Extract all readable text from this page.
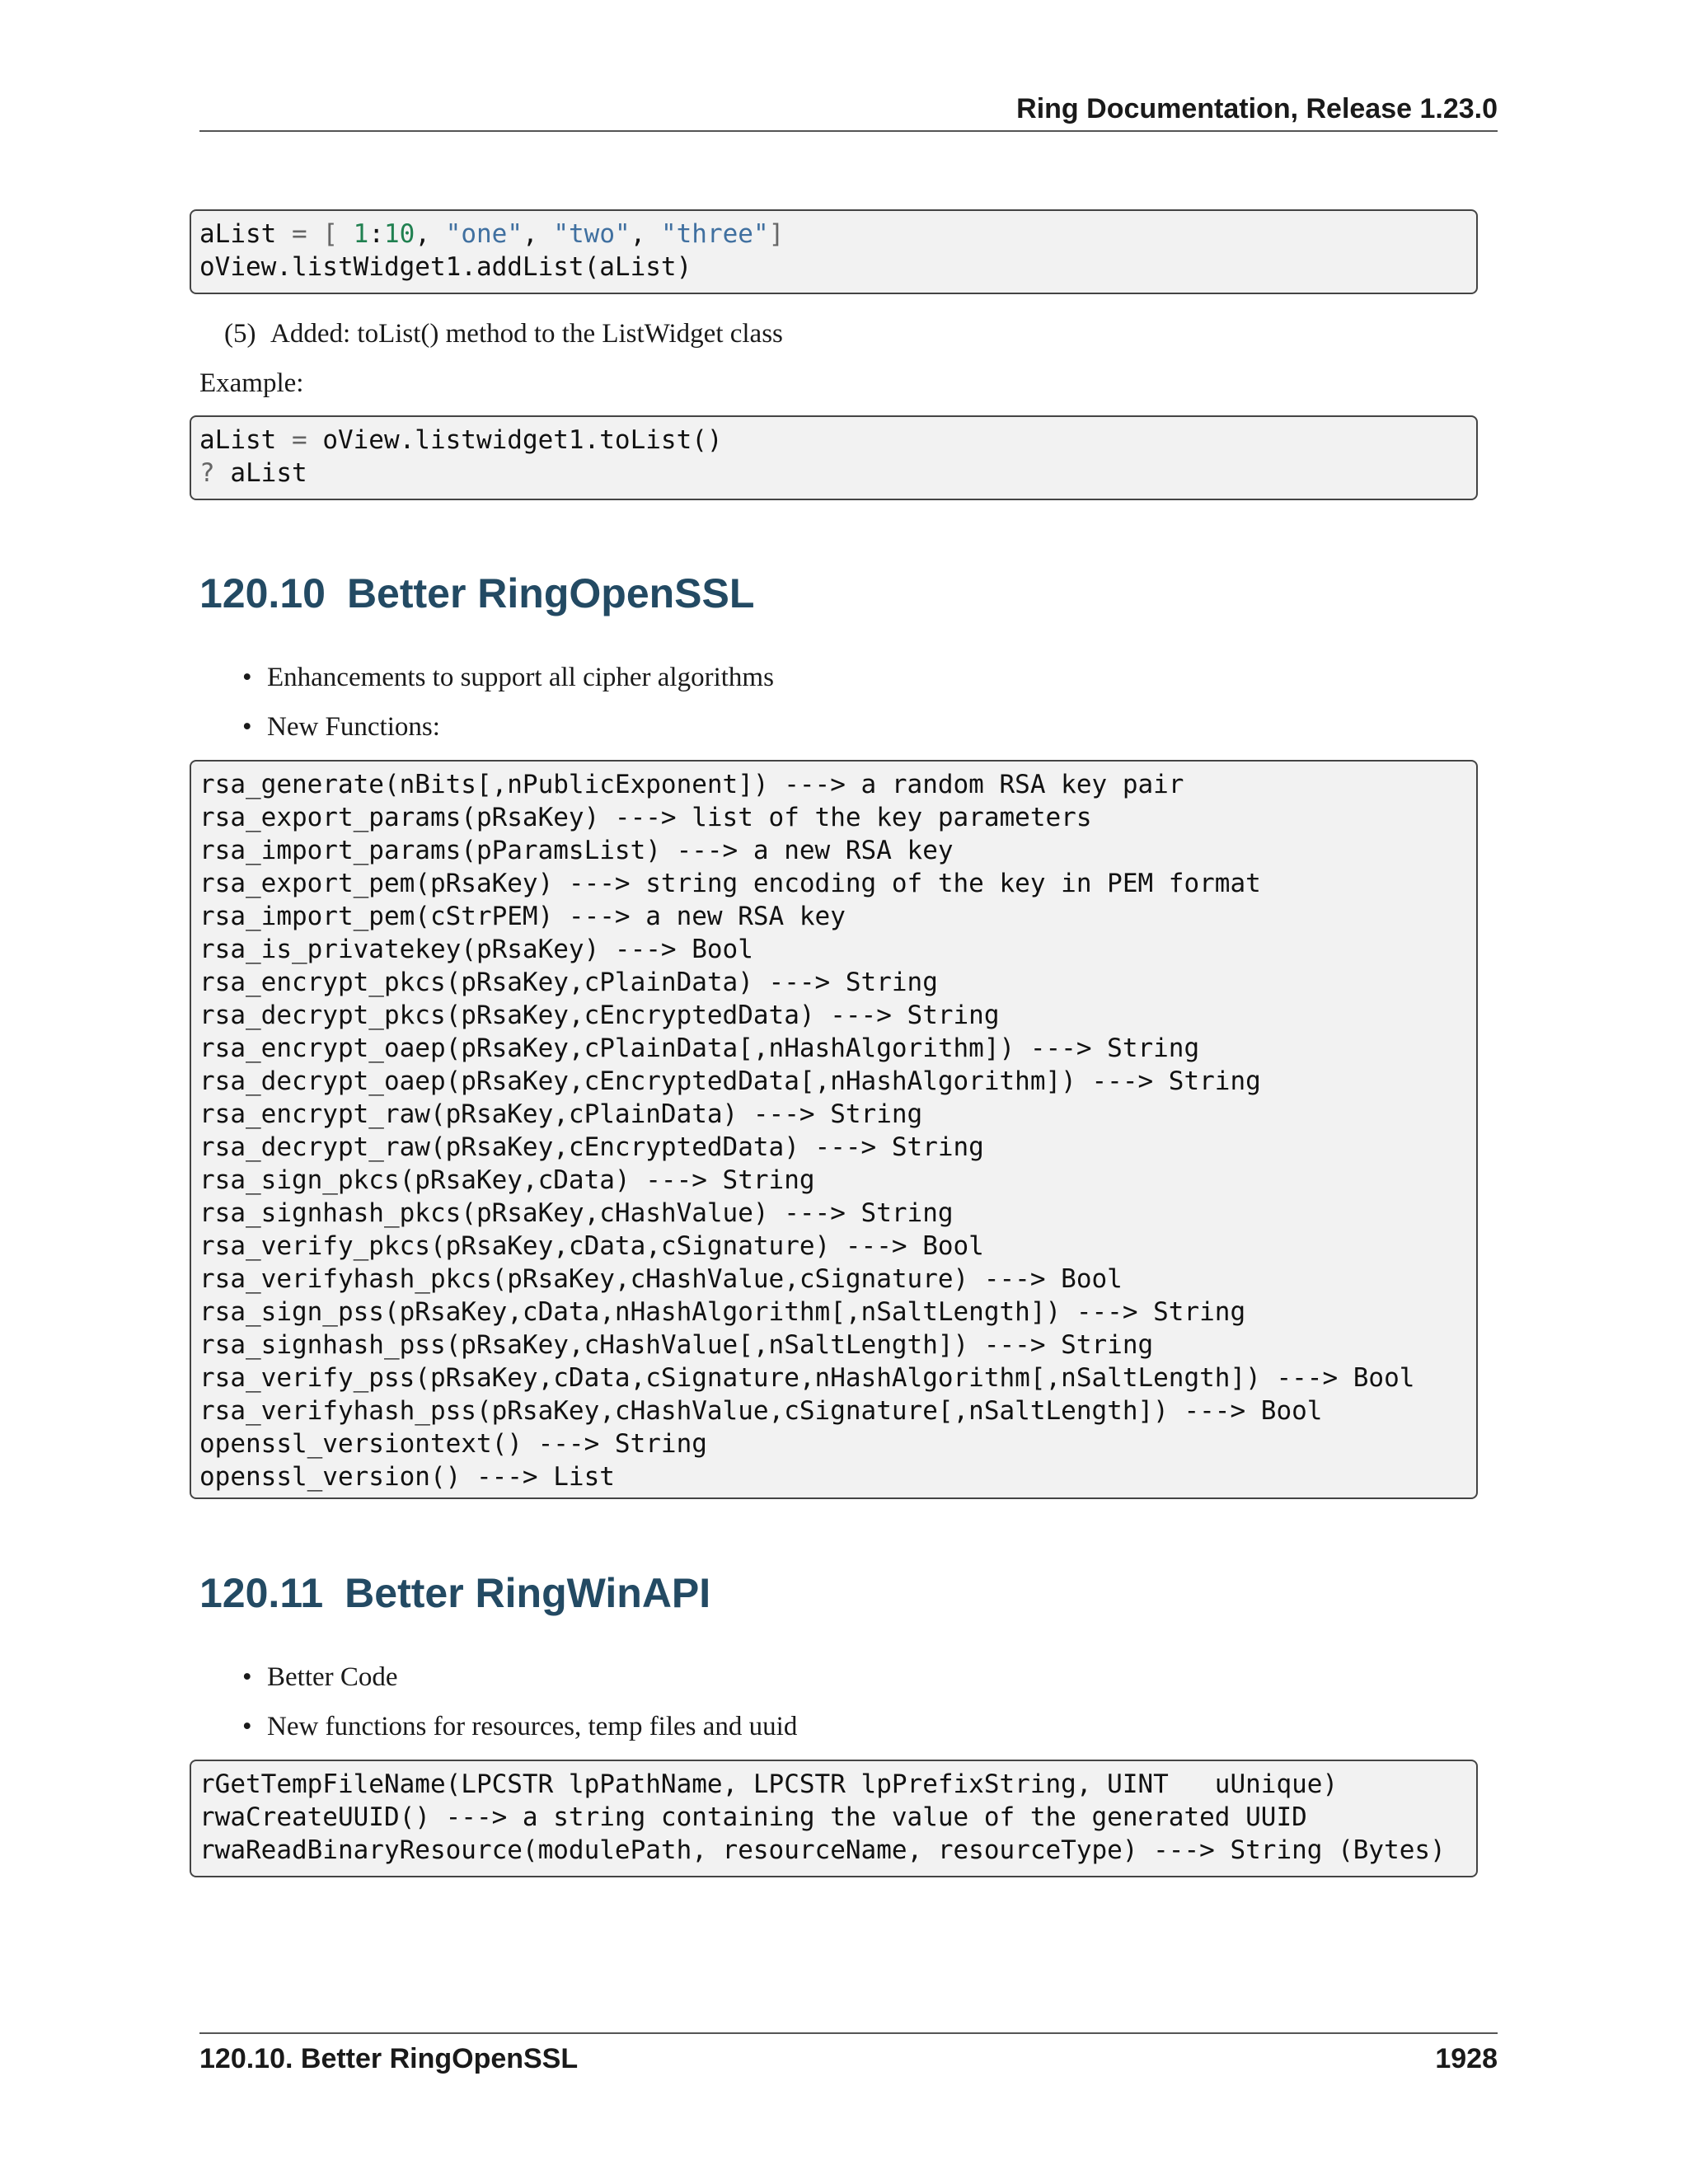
Ring Documentation, Release 1.23.0
aList = [ 1:10, "one", "two", "three"]
oView.listWidget1.addList(aList)
(5) Added: toList() method to the ListWidget class
Example:
aList = oView.listwidget1.toList()
? aList
120.10 Better RingOpenSSL
• Enhancements to support all cipher algorithms
• New Functions:
rsa_generate(nBits[,nPublicExponent]) ---> a random RSA key pair
rsa_export_params(pRsaKey) ---> list of the key parameters
rsa_import_params(pParamsList) ---> a new RSA key
rsa_export_pem(pRsaKey) ---> string encoding of the key in PEM format
rsa_import_pem(cStrPEM) ---> a new RSA key
rsa_is_privatekey(pRsaKey) ---> Bool
rsa_encrypt_pkcs(pRsaKey,cPlainData) ---> String
rsa_decrypt_pkcs(pRsaKey,cEncryptedData) ---> String
rsa_encrypt_oaep(pRsaKey,cPlainData[,nHashAlgorithm]) ---> String
rsa_decrypt_oaep(pRsaKey,cEncryptedData[,nHashAlgorithm]) ---> String
rsa_encrypt_raw(pRsaKey,cPlainData) ---> String
rsa_decrypt_raw(pRsaKey,cEncryptedData) ---> String
rsa_sign_pkcs(pRsaKey,cData) ---> String
rsa_signhash_pkcs(pRsaKey,cHashValue) ---> String
rsa_verify_pkcs(pRsaKey,cData,cSignature) ---> Bool
rsa_verifyhash_pkcs(pRsaKey,cHashValue,cSignature) ---> Bool
rsa_sign_pss(pRsaKey,cData,nHashAlgorithm[,nSaltLength]) ---> String
rsa_signhash_pss(pRsaKey,cHashValue[,nSaltLength]) ---> String
rsa_verify_pss(pRsaKey,cData,cSignature,nHashAlgorithm[,nSaltLength]) ---> Bool
rsa_verifyhash_pss(pRsaKey,cHashValue,cSignature[,nSaltLength]) ---> Bool
openssl_versiontext() ---> String
openssl_version() ---> List
120.11 Better RingWinAPI
• Better Code
• New functions for resources, temp files and uuid
rGetTempFileName(LPCSTR lpPathName, LPCSTR lpPrefixString, UINT   uUnique)
rwaCreateUUID() ---> a string containing the value of the generated UUID
rwaReadBinaryResource(modulePath, resourceName, resourceType) ---> String (Bytes)
120.10. Better RingOpenSSL	1928
